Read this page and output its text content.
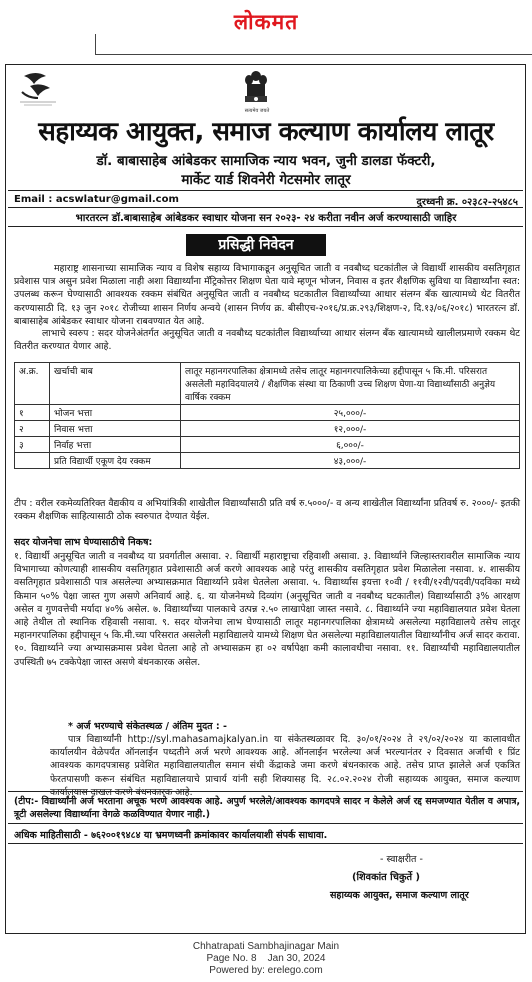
लोकमत
सत्यमेव जयते
सहाय्यक आयुक्त, समाज कल्याण कार्यालय लातूर
डॉ. बाबासाहेब आंबेडकर सामाजिक न्याय भवन, जुनी डालडा फॅक्टरी,
मार्केट यार्ड शिवनेरी गेटसमोर लातूर
Email : acswlatur@gmail.com	दुरध्वनी क्र. ०२३८२-२५४८५
भारतरत्न डॉ.बाबासाहेब आंबेडकर स्वाधार योजना सन २०२३- २४ करीता नवीन अर्ज करण्यासाठी जाहिर
प्रसिद्धी निवेदन
महाराष्ट्र शासनाच्या सामाजिक न्याय व विशेष सहाय्य विभागाकडून अनुसूचित जाती व नवबौध्द घटकांतील जे विद्यार्थी शासकीय वसतिगृहात प्रवेशास पात्र असुन प्रवेश मिळाला नाही अशा विद्यार्थ्यांना मॅट्रिकोत्तर शिक्षण घेता यावे म्हणून भोजन, निवास व इतर शैक्षणिक सुविधा या विद्यार्थ्यांना स्वत: उपलब्ध करून घेण्यासाठी आवश्यक रक्कम संबंधित अनुसूचित जाती व नवबौध्द घटकातील विद्यार्थ्यांच्या आधार संलग्न बँक खात्यामध्ये थेट वितरीत करण्यासाठी दि. १३ जुन २०१८ रोजीच्या शासन निर्णय अन्वये (शासन निर्णय क्र. बीसीएच-२०१६/प्र.क्र.२९३/शिक्षण-२, दि.१३/०६/२०१८) भारतरत्न डॉ. बाबासाहेब आंबेडकर स्वाधार योजना राबवण्यात येत आहे.
लाभाचे स्वरुप : सदर योजनेअंतर्गत अनुसूचित जाती व नवबौध्द घटकांतील विद्यार्थ्याच्या आधार संलग्न बँक खात्यामध्ये खालीलप्रमाणे रक्कम थेट वितरीत करण्यात येणार आहे.
अ.क्र.	खर्चाची बाब	लातूर महानगरपालिका क्षेत्रामध्ये तसेच लातूर महानगरपालिकेच्या हद्दीपासून ५ कि.मी. परिसरात असलेली महाविदयालये / शैक्षणिक संस्था या ठिकाणी उच्च शिक्षण घेणा-या विद्यार्थ्यांसाठी अनुज्ञेय वार्षिक रक्कम
१	भोजन भत्ता	२५,०००/-
२	निवास भत्ता	१२,०००/-
३	निर्वाह भत्ता	६,०००/-
	प्रति विद्यार्थी एकूण देय रक्कम	४३,०००/-
टीप : वरील रकमेव्यतिरिक्त वैद्यकीय व अभियांत्रिकी शाखेतील विद्यार्थ्यांसाठी प्रति वर्ष रु.५०००/- व अन्य शाखेतील विद्यार्थ्यांना प्रतिवर्ष रु. २०००/- इतकी रक्कम शैक्षणिक साहित्यासाठी ठोक स्वरुपात देण्यात येईल.
सदर योजनेचा लाभ घेण्यासाठीचे निकष:
१. विद्यार्थी अनुसूचित जाती व नवबौध्द या प्रवर्गातील असावा. २. विद्यार्थी महाराष्ट्राचा रहिवाशी असावा. ३. विद्यार्थ्याने जिल्हास्तरावरील सामाजिक न्याय विभागाच्या कोणत्याही शासकीय वसतिगृहात प्रवेशासाठी अर्ज करणे आवश्यक आहे परंतु शासकीय वसतिगृहात प्रवेश मिळालेला नसावा. ४. शासकीय वसतिगृहात प्रवेशासाठी पात्र असलेल्या अभ्यासक्रमात विद्यार्थ्याने प्रवेश घेतलेला असावा. ५. विद्यार्थ्यास इयत्ता १०वी / ११वी/१२वी/पदवी/पदविका मध्ये किमान ५०% पेक्षा जास्त गुण असणे अनिवार्य आहे. ६. या योजनेमध्ये दिव्यांग (अनुसूचित जाती व नवबौध्द घटकातील) विद्यार्थ्यासाठी ३% आरक्षण असेल व गुणवत्तेची मर्यादा ४०% असेल. ७. विद्यार्थ्यांच्या पालकाचे उत्पन्न २.५० लाखापेक्षा जास्त नसावे. ८. विद्यार्थ्याने ज्या महाविद्यालयात प्रवेश घेतला आहे तेथील तो स्थानिक रहिवासी नसावा. ९. सदर योजनेचा लाभ घेण्यासाठी लातूर महानगरपालिका क्षेत्रामध्ये असलेल्या महाविद्यालये तसेच लातूर महानगरपालिका हद्दीपासून ५ कि.मी.च्या परिसरात असलेली महाविद्यालये यामध्ये शिक्षण घेत असलेल्या महाविद्यालयातील विद्यार्थ्यांनीच अर्ज सादर करावा. १०. विद्यार्थ्याने ज्या अभ्यासक्रमास प्रवेश घेतला आहे तो अभ्यासक्रम हा ०२ वर्षापेक्षा कमी कालावधीचा नसावा. ११. विद्यार्थ्यांची महाविद्यालयातील उपस्थिती ७५ टक्केपेक्षा जास्त असणे बंधनकारक असेल.
* अर्ज भरण्याचे संकेतस्थळ / अंतिम मुदत : -
पात्र विद्यार्थ्यांनी http://syl.mahasamajkalyan.in या संकेतस्थळावर दि. ३०/०१/२०२४ ते २९/०२/२०२४ या कालावधीत कार्यालयीन वेळेपर्यंत ऑनलाईन पध्दतीने अर्ज भरणे आवश्यक आहे. ऑनलाईन भरलेल्या अर्ज भरल्यानंतर २ दिवसात अर्जाची १ प्रिंट आवश्यक कागदपत्रासह प्रवेशित महाविद्यालयातील समान संधी केंद्राकडे जमा करणे बंधनकारक आहे. तसेच प्राप्त झालेले अर्ज एकत्रित फेरतपासणी करून संबंधित महाविद्यालयाचे प्राचार्य यांनी सही शिक्यासह दि. २८.०२.२०२४ रोजी सहाय्यक आयुक्त, समाज कल्याण कार्यालयास दाखल करणे बंधनकारक आहे.
(टीप:- विद्यार्थ्यांनी अर्ज भरताना अचूक भरणे आवश्यक आहे. अपुर्ण भरलेले/आवश्यक कागदपत्रे सादर न केलेले अर्ज रद्द समजण्यात येतील व अपात्र, त्रूटी असलेल्या विद्यार्थ्याना वेगळे कळविण्यात येणार नाही.)
अधिक माहितीसाठी - ७६२००१९४८४ या भ्रमणध्वनी क्रमांकावर कार्यालयाशी संपर्क साधावा.
- स्वाक्षरीत -
(शिवकांत चिकुर्ते )
सहाय्यक आयुक्त, समाज कल्याण लातूर
Chhatrapati Sambhajinagar Main
Page No. 8    Jan 30, 2024
Powered by: erelego.com
